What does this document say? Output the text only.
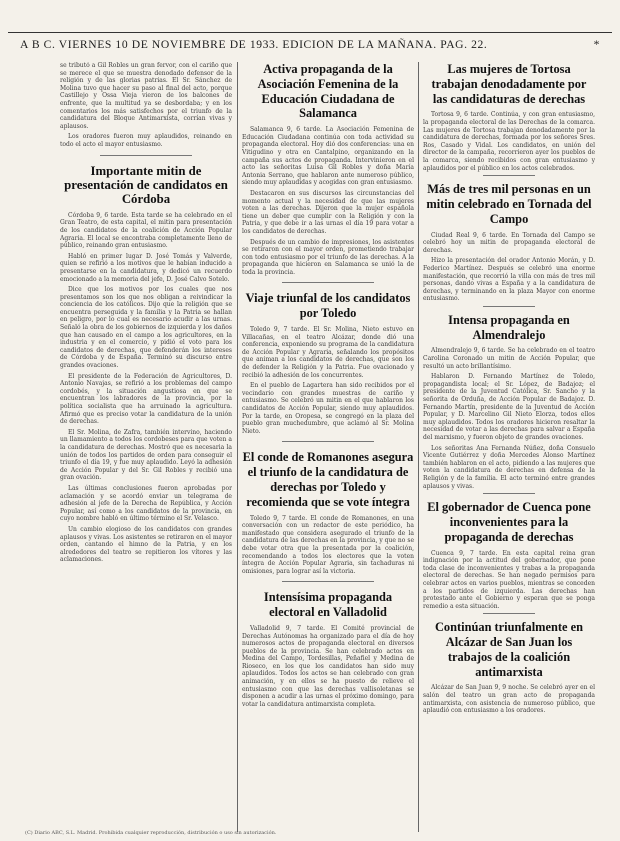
A B C. VIERNES 10 DE NOVIEMBRE DE 1933. EDICION DE LA MAÑANA. PAG. 22.	*

se tributó a Gil Robles un gran fervor, con el cariño que se merece el que se muestra denodado defensor de la religión y de las glorias patrias. El Sr. Sánchez de Molina tuvo que hacer su paso al final del acto, porque Castillejo y Ossa Vieja vieron de los balcones de enfrente, que la multitud ya se desbordaba; y en los comentarios los más satisfechos por el triunfo de la candidatura del Bloque Antimarxista, corrían vivas y aplausos.

Los oradores fueron muy aplaudidos, reinando en todo el acto el mayor entusiasmo.

Importante mitin de presentación de candidatos en Córdoba

Córdoba 9, 6 tarde. Esta tarde se ha celebrado en el Gran Teatro, de esta capital, el mitin para presentación de los candidatos de la coalición de Acción Popular Agraria. El local se encontraba completamente lleno de público, reinando gran entusiasmo.

Habló en primer lugar D. José Tomás y Valverde, quien se refirió a los motivos que le habían inducido a presentarse en la candidatura, y dedicó un recuerdo emocionado a la memoria del jefe, D. José Calvo Sotelo.

Dice que los motivos por los cuales que nos presentamos son los que nos obligan a reivindicar la conciencia de los católicos. Dijo que la religión que se encuentra perseguida y la familia y la Patria se hallan en peligro, por lo cual es necesario acudir a las urnas. Señaló la obra de los gobiernos de izquierda y los daños que han causado en el campo a los agricultores, en la industria y en el comercio, y pidió el voto para los candidatos de derechas, que defenderán los intereses de Córdoba y de España. Terminó su discurso entre grandes ovaciones.

El presidente de la Federación de Agricultores, D. Antonio Navajas, se refirió a los problemas del campo cordobés, y la situación angustiosa en que se encuentran los labradores de la provincia, por la política socialista que ha arruinado la agricultura. Afirmó que es preciso votar la candidatura de la unión de derechas.

El Sr. Molina, de Zafra, también intervino, haciendo un llamamiento a todos los cordobeses para que voten a la candidatura de derechas. Mostró que es necesaria la unión de todos los partidos de orden para conseguir el triunfo el día 19, y fue muy aplaudido. Leyó la adhesión de Acción Popular y del Sr. Gil Robles y recibió una gran ovación.

Las últimas conclusiones fueron aprobadas por aclamación y se acordó enviar un telegrama de adhesión al jefe de la Derecha de República, y Acción Popular, así como a los candidatos de la provincia, en cuyo nombre habló en último término el Sr. Velasco.

Un cambio elogioso de los candidatos con grandes aplausos y vivas. Los asistentes se retiraron en el mayor orden, cantando el himno de la Patria, y en los alrededores del teatro se repitieron los vítores y las aclamaciones.

Activa propaganda de la Asociación Femenina de la Educación Ciudadana de Salamanca

Salamanca 9, 6 tarde. La Asociación Femenina de Educación Ciudadana continúa con toda actividad su propaganda electoral. Hoy dió dos conferencias: una en Vitigudino y otra en Cantalpino, organizando en la campaña sus actos de propaganda. Intervinieron en el acto las señoritas Luisa Gil Robles y doña María Antonia Serrano, que hablaron ante numeroso público, siendo muy aplaudidas y acogidas con gran entusiasmo.

Destacaron en sus discursos las circunstancias del momento actual y la necesidad de que las mujeres voten a las derechas. Dijeron que la mujer española tiene un deber que cumplir con la Religión y con la Patria, y que debe ir a las urnas el día 19 para votar a los candidatos de derechas.

Después de un cambio de impresiones, los asistentes se retiraron con el mayor orden, prometiendo trabajar con todo entusiasmo por el triunfo de las derechas. A la propaganda que hicieron en Salamanca se unió la de toda la provincia.

Viaje triunfal de los candidatos por Toledo

Toledo 9, 7 tarde. El Sr. Molina, Nieto estuvo en Villacañas, en el teatro Alcázar, donde dió una conferencia, exponiendo su programa de la candidatura de Acción Popular y Agraria, señalando los propósitos que animan a los candidatos de derechas, que son los de defender la Religión y la Patria. Fue ovacionado y recibió la adhesión de los concurrentes.

En el pueblo de Lagartera han sido recibidos por el vecindario con grandes muestras de cariño y entusiasmo. Se celebró un mitin en el que hablaron los candidatos de Acción Popular, siendo muy aplaudidos. Por la tarde, en Oropesa, se congregó en la plaza del pueblo gran muchedumbre, que aclamó al Sr. Molina Nieto.

El conde de Romanones asegura el triunfo de la candidatura de derechas por Toledo y recomienda que se vote íntegra

Toledo 9, 7 tarde. El conde de Romanones, en una conversación con un redactor de este periódico, ha manifestado que considera asegurado el triunfo de la candidatura de las derechas en la provincia, y que no se debe votar otra que la presentada por la coalición, recomendando a todos los electores que la voten íntegra de Acción Popular Agraria, sin tachaduras ni omisiones, para lograr así la victoria.

Intensísima propaganda electoral en Valladolid

Valladolid 9, 7 tarde. El Comité provincial de Derechas Autónomas ha organizado para el día de hoy numerosos actos de propaganda electoral en diversos pueblos de la provincia. Se han celebrado actos en Medina del Campo, Tordesillas, Peñafiel y Medina de Rioseco, en los que los candidatos han sido muy aplaudidos. Todos los actos se han celebrado con gran animación, y en ellos se ha puesto de relieve el entusiasmo con que las derechas vallisoletanas se disponen a acudir a las urnas el próximo domingo, para votar la candidatura antimarxista completa.

Las mujeres de Tortosa trabajan denodadamente por las candidaturas de derechas

Tortosa 9, 6 tarde. Continúa, y con gran entusiasmo, la propaganda electoral de las Derechas de la comarca. Las mujeres de Tortosa trabajan denodadamente por la candidatura de derechas, formada por los señores Sres. Ros, Casado y Vidal. Los candidatos, en unión del director de la campaña, recorrieron ayer los pueblos de la comarca, siendo recibidos con gran entusiasmo y aplaudidos por el público en los actos celebrados.

Más de tres mil personas en un mitin celebrado en Tornada del Campo

Ciudad Real 9, 6 tarde. En Tornada del Campo se celebró hoy un mitin de propaganda electoral de derechas.

Hizo la presentación del orador Antonio Morán, y D. Federico Martínez. Después se celebró una enorme manifestación, que recorrió la villa con más de tres mil personas, dando vivas a España y a la candidatura de derechas, y terminando en la plaza Mayor con enorme entusiasmo.

Intensa propaganda en Almendralejo

Almendralejo 9, 6 tarde. Se ha celebrado en el teatro Carolina Coronado un mitin de Acción Popular, que resultó un acto brillantísimo.

Hablaron D. Fernando Martínez de Toledo, propagandista local; el Sr. López, de Badajoz; el presidente de la Juventud Católica, Sr. Sancho y la señorita de Orduña, de Acción Popular de Badajoz. D. Fernando Martín, presidente de la Juventud de Acción Popular, y D. Marcelino Gil Nieto Elorza, todos ellos muy aplaudidos. Todos los oradores hicieron resaltar la necesidad de votar a las derechas para salvar a España del marxismo, y fueron objeto de grandes ovaciones.

Los señoritas Ana Fernanda Núñez, doña Consuelo Vicente Gutiérrez y doña Mercedes Alonso Martínez también hablaron en el acto, pidiendo a las mujeres que voten la candidatura de derechas en defensa de la Religión y de la familia. El acto terminó entre grandes aplausos y vivas.

El gobernador de Cuenca pone inconvenientes para la propaganda de derechas

Cuenca 9, 7 tarde. En esta capital reina gran indignación por la actitud del gobernador, que pone toda clase de inconvenientes y trabas a la propaganda electoral de derechas. Se han negado permisos para celebrar actos en varios pueblos, mientras se conceden a los partidos de izquierda. Las derechas han protestado ante el Gobierno y esperan que se ponga remedio a esta situación.

Continúan triunfalmente en Alcázar de San Juan los trabajos de la coalición antimarxista

Alcázar de San Juan 9, 9 noche. Se celebró ayer en el salón del teatro un gran acto de propaganda antimarxista, con asistencia de numeroso público, que aplaudió con entusiasmo a los oradores.

(C) Diario ABC, S.L. Madrid. Prohibida cualquier reproducción, distribución o uso sin autorización.
